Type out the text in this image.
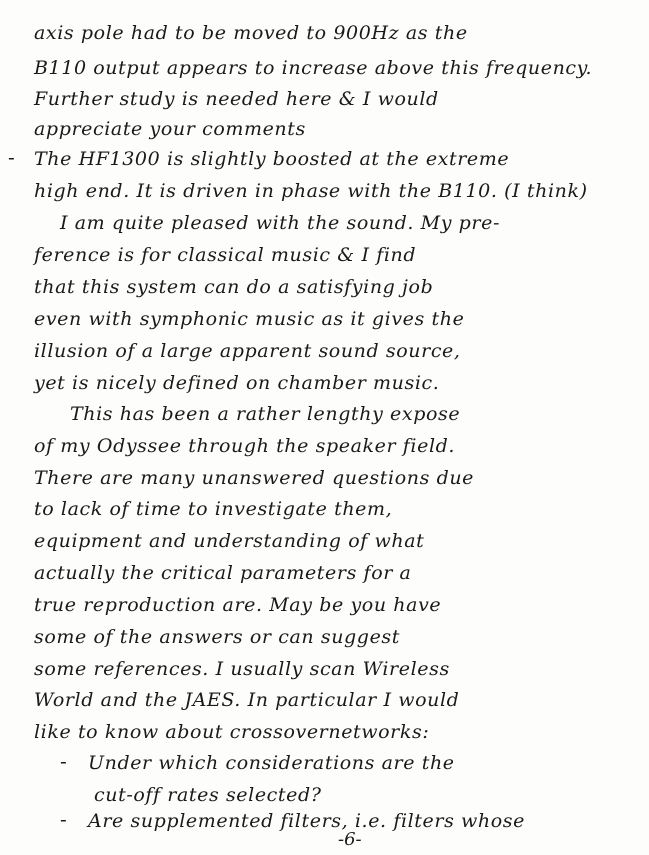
axis pole had to be moved to 900Hz as the
B110 output appears to increase above this frequency.
Further study is needed here & I would
appreciate your comments
- The HF1300 is slightly boosted at the extreme
high end. It is driven in phase with the B110. (I think)
I am quite pleased with the sound. My pre-
ference is for classical music & I find
that this system can do a satisfying job
even with symphonic music as it gives the
illusion of a large apparent sound source,
yet is nicely defined on chamber music.
This has been a rather lengthy expose
of my Odyssee through the speaker field.
There are many unanswered questions due
to lack of time to investigate them,
equipment and understanding of what
actually the critical parameters for a
true reproduction are. May be you have
some of the answers or can suggest
some references. I usually scan Wireless
World and the JAES. In particular I would
like to know about crossovernetworks:
- Under which considerations are the
cut-off rates selected?
- Are supplemented filters, i.e. filters whose
-6-
